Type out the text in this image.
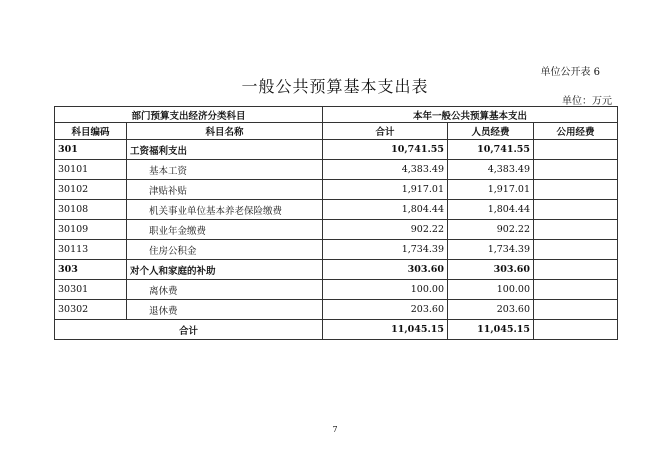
单位公开表 6
一般公共预算基本支出表
单位：万元
部门预算支出经济分类科目		本年一般公共预算基本支出		
科目编码	科目名称	合计	人员经费	公用经费
301	工资福利支出	10,741.55	10,741.55	
30101	基本工资	4,383.49	4,383.49	
30102	津贴补贴	1,917.01	1,917.01	
30108	机关事业单位基本养老保险缴费	1,804.44	1,804.44	
30109	职业年金缴费	902.22	902.22	
30113	住房公积金	1,734.39	1,734.39	
303	对个人和家庭的补助	303.60	303.60	
30301	离休费	100.00	100.00	
30302	退休费	203.60	203.60	
合计		11,045.15	11,045.15	
7
